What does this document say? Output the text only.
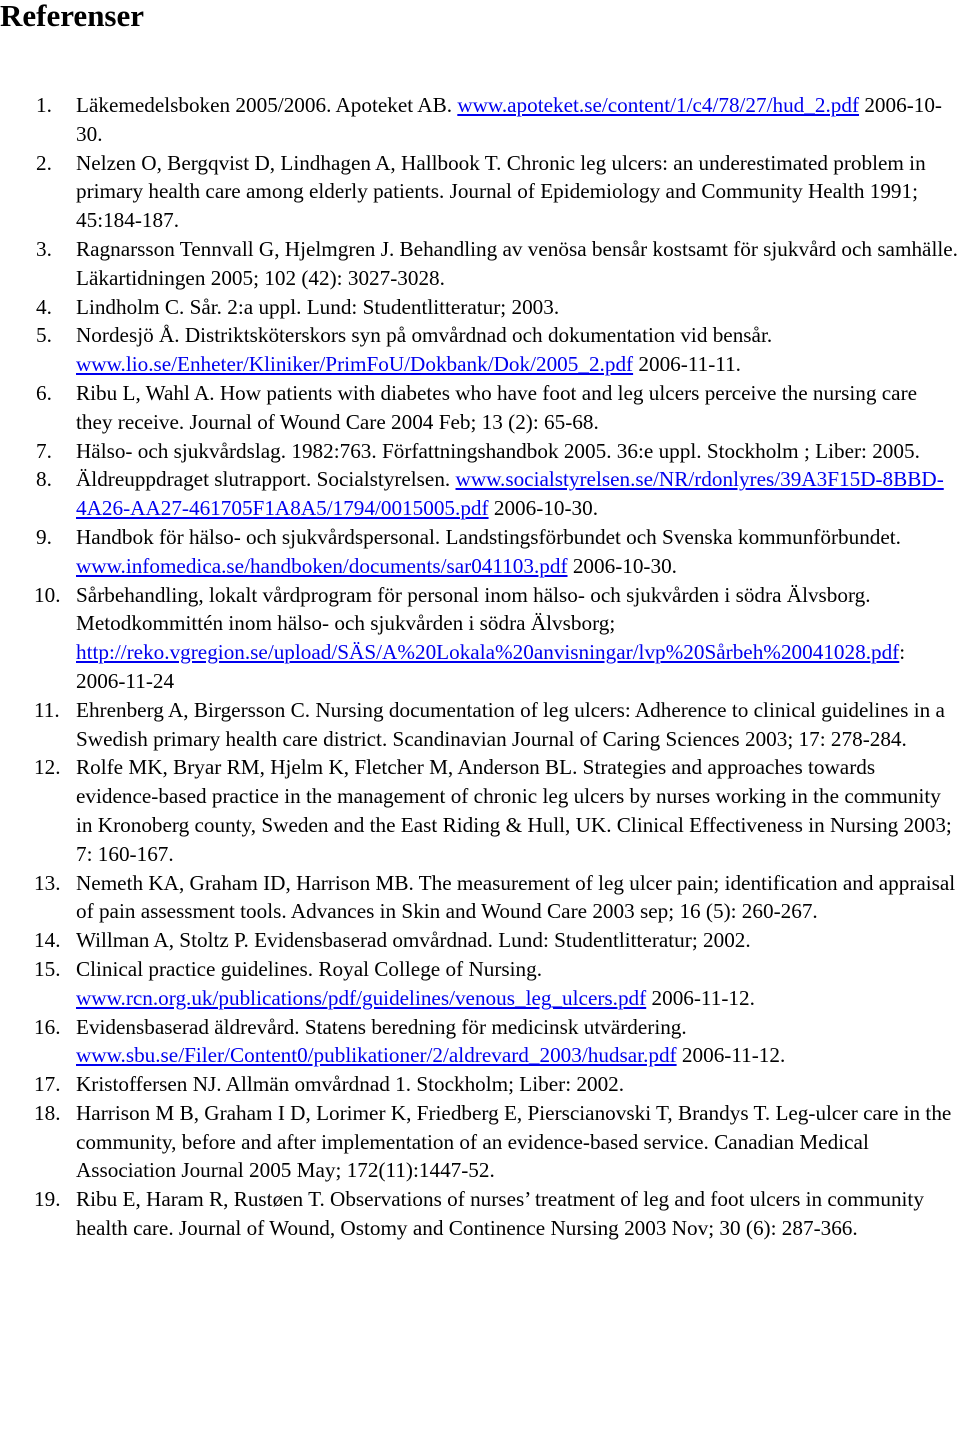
Referenser
1. Läkemedelsboken 2005/2006. Apoteket AB. www.apoteket.se/content/1/c4/78/27/hud_2.pdf 2006-10-30.
2. Nelzen O, Bergqvist D, Lindhagen A, Hallbook T. Chronic leg ulcers: an underestimated problem in primary health care among elderly patients. Journal of Epidemiology and Community Health 1991; 45:184-187.
3. Ragnarsson Tennvall G, Hjelmgren J. Behandling av venösa bensår kostsamt för sjukvård och samhälle. Läkartidningen 2005; 102 (42): 3027-3028.
4. Lindholm C. Sår. 2:a uppl. Lund: Studentlitteratur; 2003.
5. Nordesjö Å. Distriktsköterskors syn på omvårdnad och dokumentation vid bensår. www.lio.se/Enheter/Kliniker/PrimFoU/Dokbank/Dok/2005_2.pdf 2006-11-11.
6. Ribu L, Wahl A. How patients with diabetes who have foot and leg ulcers perceive the nursing care they receive. Journal of Wound Care 2004 Feb; 13 (2): 65-68.
7. Hälso- och sjukvårdslag. 1982:763. Författningshandbok 2005. 36:e uppl. Stockholm ; Liber: 2005.
8. Äldreuppdraget slutrapport. Socialstyrelsen. www.socialstyrelsen.se/NR/rdonlyres/39A3F15D-8BBD-4A26-AA27-461705F1A8A5/1794/0015005.pdf 2006-10-30.
9. Handbok för hälso- och sjukvårdspersonal. Landstingsförbundet och Svenska kommunförbundet. www.infomedica.se/handboken/documents/sar041103.pdf 2006-10-30.
10. Sårbehandling, lokalt vårdprogram för personal inom hälso- och sjukvården i södra Älvsborg. Metodkommittén inom hälso- och sjukvården i södra Älvsborg; http://reko.vgregion.se/upload/SÄS/A%20Lokala%20anvisningar/lvp%20Sårbeh%20041028.pdf: 2006-11-24
11. Ehrenberg A, Birgersson C. Nursing documentation of leg ulcers: Adherence to clinical guidelines in a Swedish primary health care district. Scandinavian Journal of Caring Sciences 2003; 17: 278-284.
12. Rolfe MK, Bryar RM, Hjelm K, Fletcher M, Anderson BL. Strategies and approaches towards evidence-based practice in the management of chronic leg ulcers by nurses working in the community in Kronoberg county, Sweden and the East Riding & Hull, UK. Clinical Effectiveness in Nursing 2003; 7: 160-167.
13. Nemeth KA, Graham ID, Harrison MB. The measurement of leg ulcer pain; identification and appraisal of pain assessment tools. Advances in Skin and Wound Care 2003 sep; 16 (5): 260-267.
14. Willman A, Stoltz P. Evidensbaserad omvårdnad. Lund: Studentlitteratur; 2002.
15. Clinical practice guidelines. Royal College of Nursing. www.rcn.org.uk/publications/pdf/guidelines/venous_leg_ulcers.pdf 2006-11-12.
16. Evidensbaserad äldrevård. Statens beredning för medicinsk utvärdering. www.sbu.se/Filer/Content0/publikationer/2/aldrevard_2003/hudsar.pdf 2006-11-12.
17. Kristoffersen NJ. Allmän omvårdnad 1. Stockholm; Liber: 2002.
18. Harrison M B, Graham I D, Lorimer K, Friedberg E, Pierscianovski T, Brandys T. Leg-ulcer care in the community, before and after implementation of an evidence-based service. Canadian Medical Association Journal 2005 May; 172(11):1447-52.
19. Ribu E, Haram R, Rustøen T. Observations of nurses’ treatment of leg and foot ulcers in community health care. Journal of Wound, Ostomy and Continence Nursing 2003 Nov; 30 (6): 287-366.
